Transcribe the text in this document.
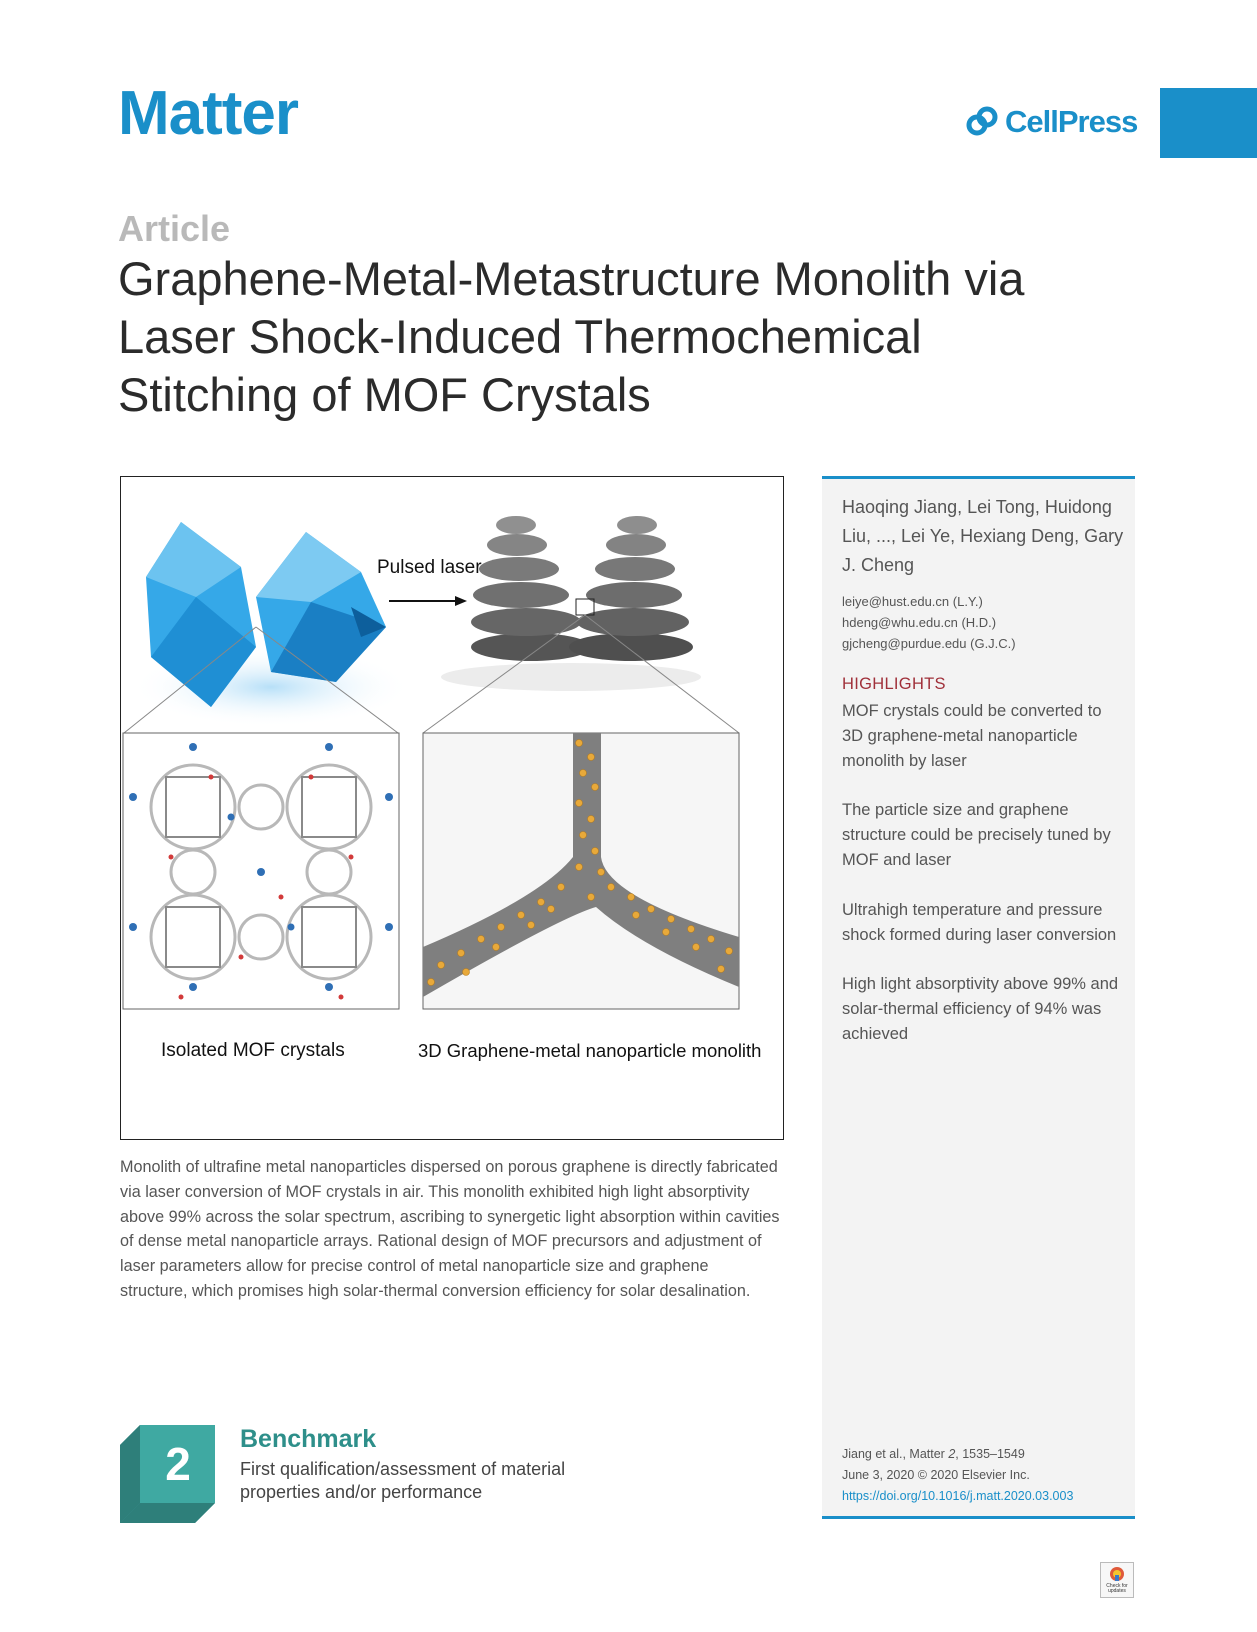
Matter	CellPress
Article
Graphene-Metal-Metastructure Monolith via
Laser Shock-Induced Thermochemical
Stitching of MOF Crystals
Pulsed laser
Isolated MOF crystals	3D Graphene-metal nanoparticle monolith

Monolith of ultrafine metal nanoparticles dispersed on porous graphene is directly fabricated via laser conversion of MOF crystals in air. This monolith exhibited high light absorptivity above 99% across the solar spectrum, ascribing to synergetic light absorption within cavities of dense metal nanoparticle arrays. Rational design of MOF precursors and adjustment of laser parameters allow for precise control of metal nanoparticle size and graphene structure, which promises high solar-thermal conversion efficiency for solar desalination.

2 Benchmark

First qualification/assessment of material properties and/or performance

Haoqing Jiang, Lei Tong, Huidong Liu, ..., Lei Ye, Hexiang Deng, Gary J. Cheng

leiye@hust.edu.cn (L.Y.)
hdeng@whu.edu.cn (H.D.)
gjcheng@purdue.edu (G.J.C.)
HIGHLIGHTS
MOF crystals could be converted to 3D graphene-metal nanoparticle monolith by laser
The particle size and graphene structure could be precisely tuned by MOF and laser
Ultrahigh temperature and pressure shock formed during laser conversion
High light absorptivity above 99% and solar-thermal efficiency of 94% was achieved
Jiang et al., Matter 2, 1535–1549
June 3, 2020 © 2020 Elsevier Inc.
https://doi.org/10.1016/j.matt.2020.03.003
Check for updates
